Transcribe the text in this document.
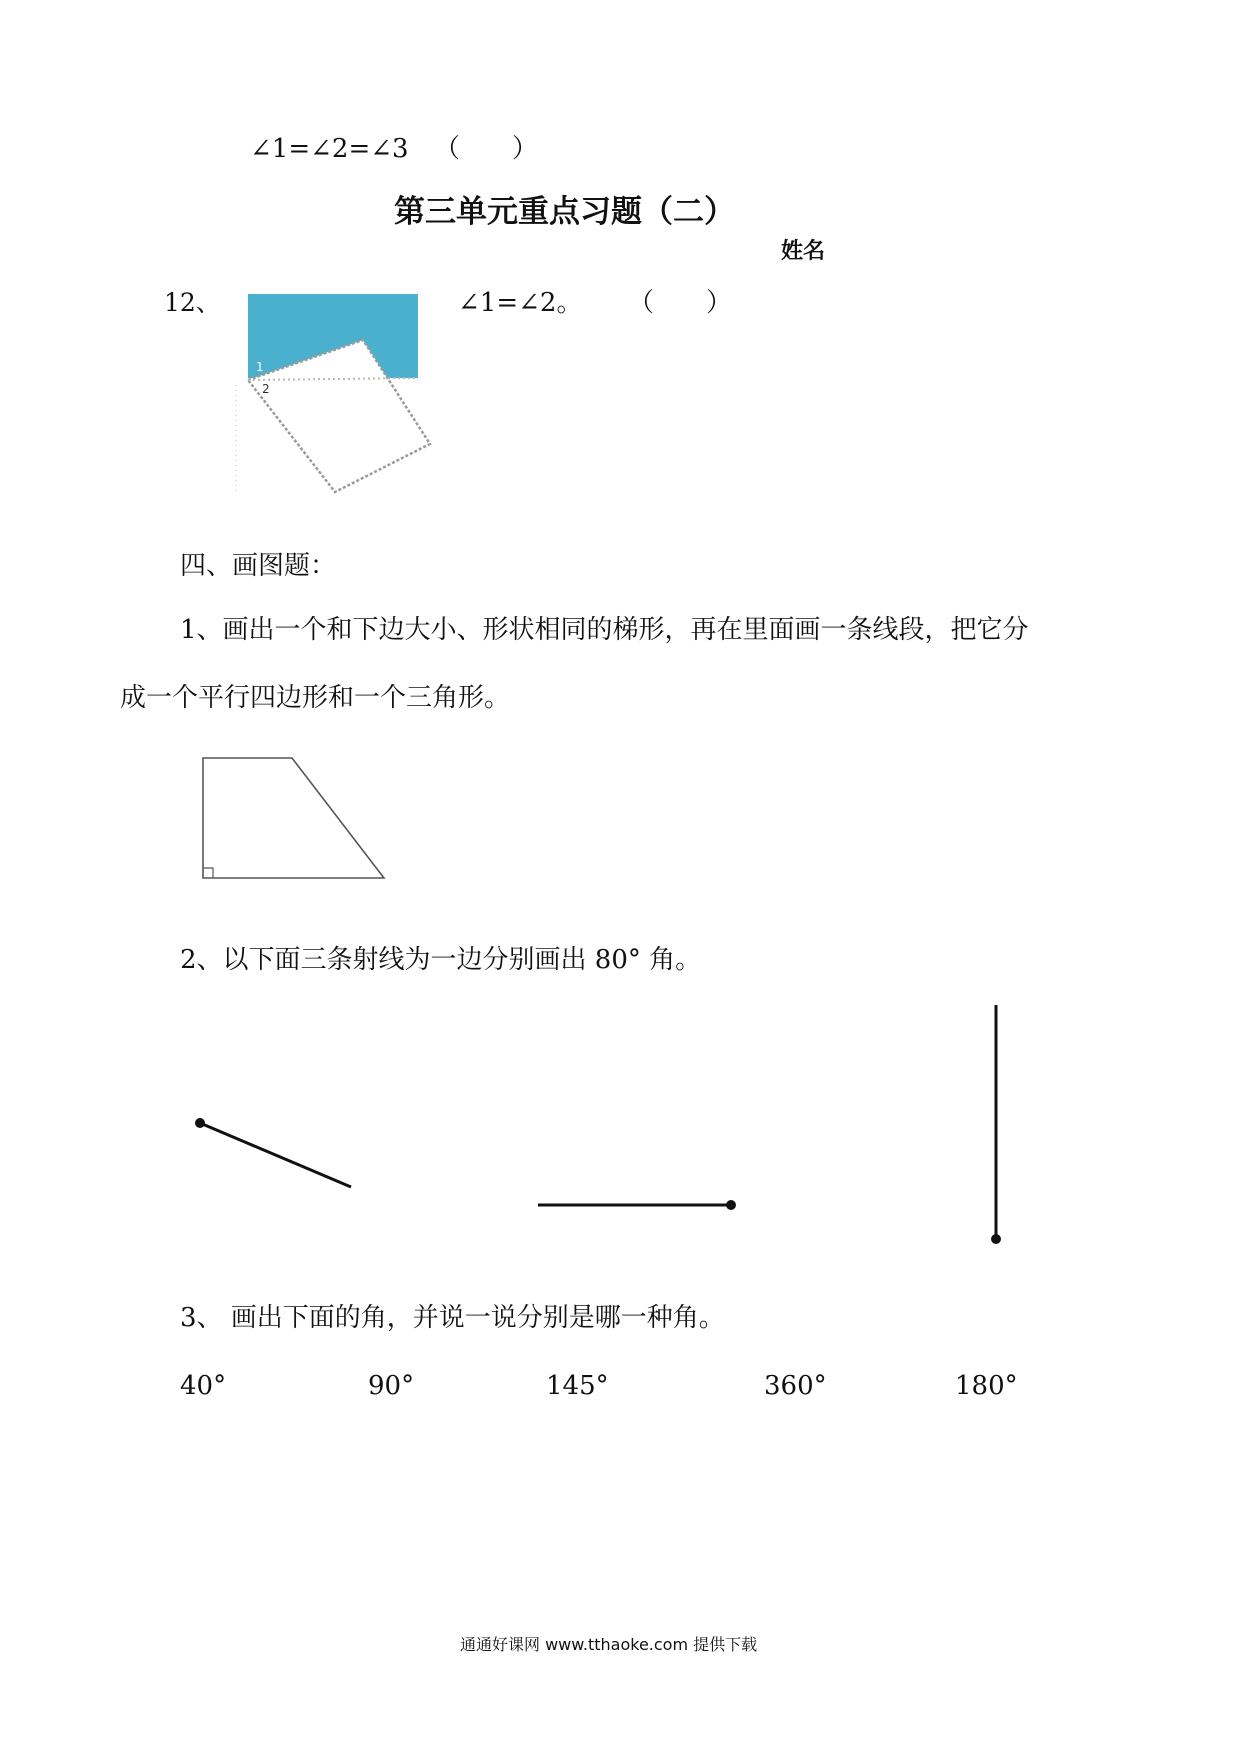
∠1=∠2=∠3 （　　）
第三单元重点习题（二）
姓名
12、	∠1=∠2。 （　　）
1
2
四、画图题：
1、画出一个和下边大小、形状相同的梯形，再在里面画一条线段，把它分
成一个平行四边形和一个三角形。
2、以下面三条射线为一边分别画出 80° 角。
3、 画出下面的角，并说一说分别是哪一种角。
40°	90°	145°	360°	180°
通通好课网 www.tthaoke.com 提供下载
